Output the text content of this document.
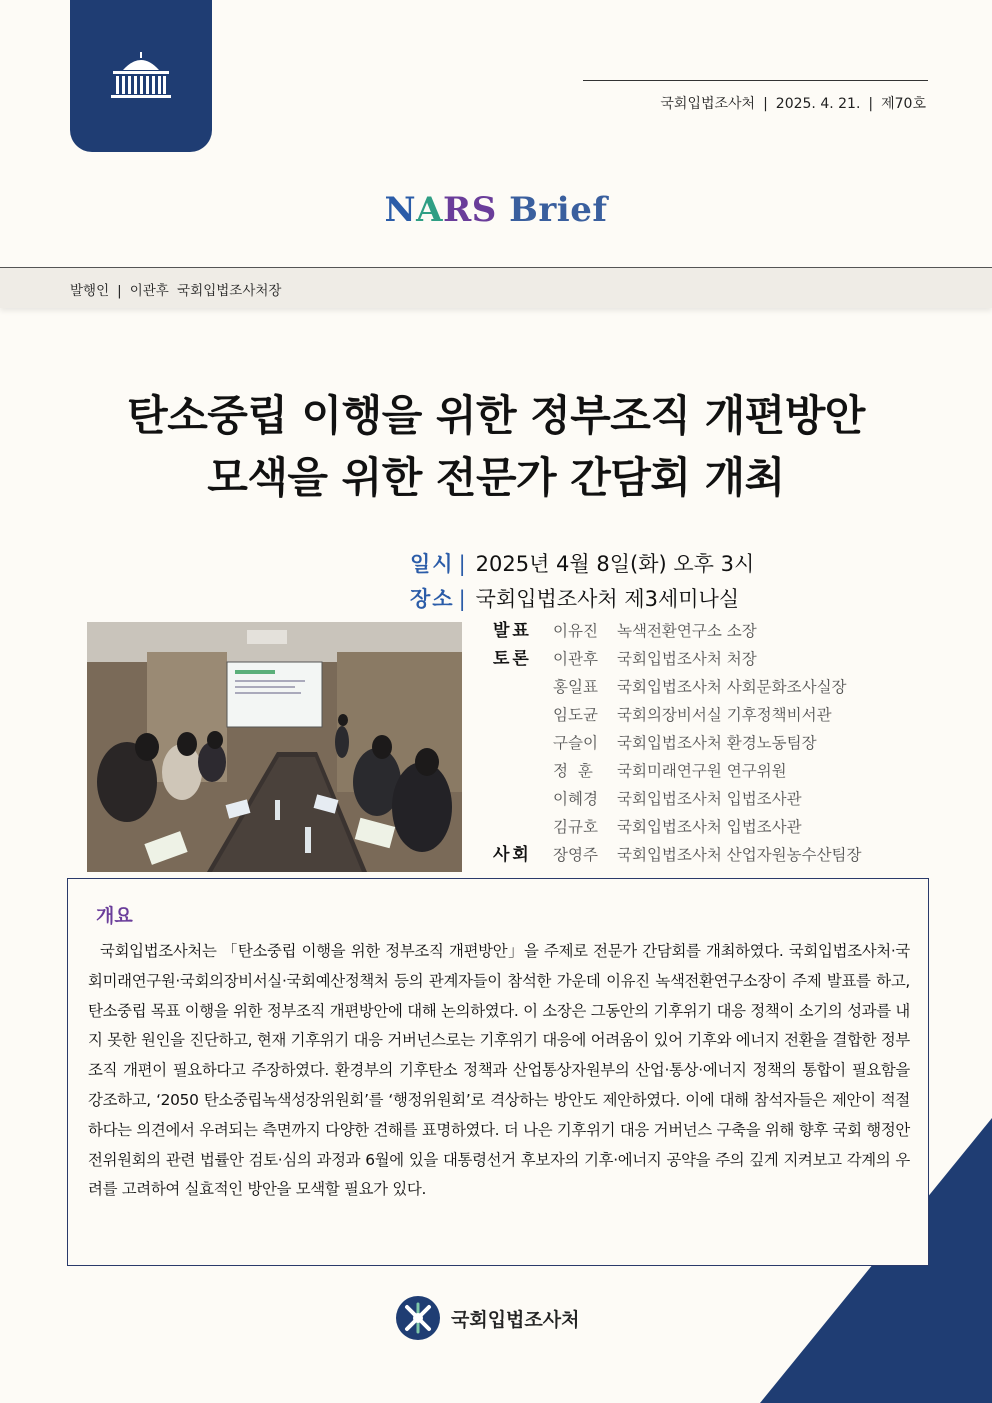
국회입법조사처 | 2025. 4. 21. | 제70호
NARS Brief
발행인 | 이관후 국회입법조사처장
탄소중립 이행을 위한 정부조직 개편방안
모색을 위한 전문가 간담회 개최
일시 | 2025년 4월 8일(화) 오후 3시
장소 | 국회입법조사처 제3세미나실
발표 이유진 녹색전환연구소 소장
토론 이관후 국회입법조사처 처장
홍일표 국회입법조사처 사회문화조사실장
임도균 국회의장비서실 기후정책비서관
구슬이 국회입법조사처 환경노동팀장
정  훈 국회미래연구원 연구위원
이혜경 국회입법조사처 입법조사관
김규호 국회입법조사처 입법조사관
사회 장영주 국회입법조사처 산업자원농수산팀장
개요
국회입법조사처는 「탄소중립 이행을 위한 정부조직 개편방안」을 주제로 전문가 간담회를 개최하였다. 국회입법조사처·국회미래연구원·국회의장비서실·국회예산정책처 등의 관계자들이 참석한 가운데 이유진 녹색전환연구소장이 주제 발표를 하고, 탄소중립 목표 이행을 위한 정부조직 개편방안에 대해 논의하였다. 이 소장은 그동안의 기후위기 대응 정책이 소기의 성과를 내지 못한 원인을 진단하고, 현재 기후위기 대응 거버넌스로는 기후위기 대응에 어려움이 있어 기후와 에너지 전환을 결합한 정부조직 개편이 필요하다고 주장하였다. 환경부의 기후탄소 정책과 산업통상자원부의 산업·통상·에너지 정책의 통합이 필요함을 강조하고, ‘2050 탄소중립녹색성장위원회’를 ‘행정위원회’로 격상하는 방안도 제안하였다. 이에 대해 참석자들은 제안이 적절하다는 의견에서 우려되는 측면까지 다양한 견해를 표명하였다. 더 나은 기후위기 대응 거버넌스 구축을 위해 향후 국회 행정안전위원회의 관련 법률안 검토·심의 과정과 6월에 있을 대통령선거 후보자의 기후·에너지 공약을 주의 깊게 지켜보고 각계의 우려를 고려하여 실효적인 방안을 모색할 필요가 있다.
국회입법조사처
